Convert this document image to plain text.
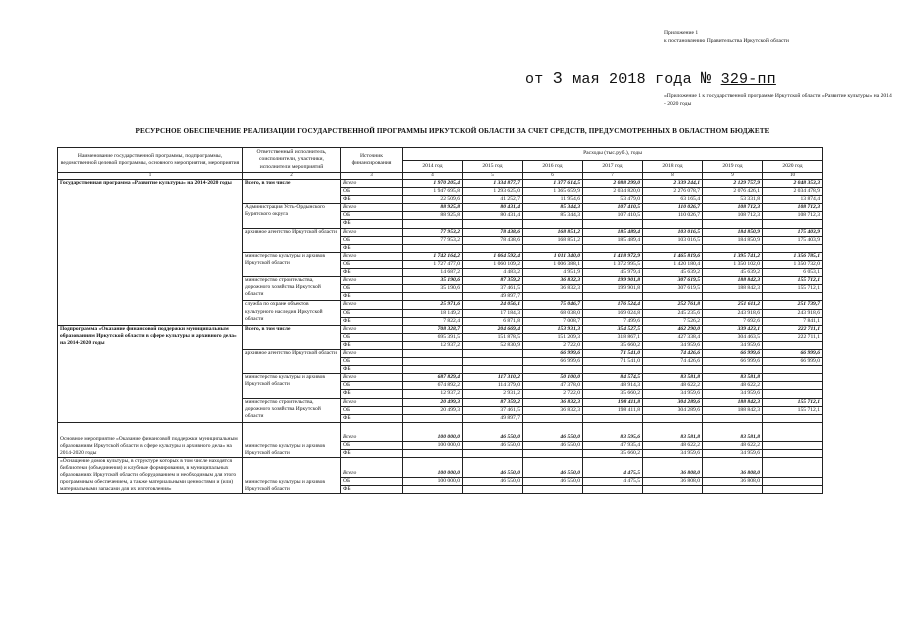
Приложение 1
к постановлению Правительства Иркутской области
от 3 мая 2018 года № 329-пп
«Приложение 1 к государственной программе Иркутской области «Развитие культуры» на 2014 - 2020 годы
РЕСУРСНОЕ ОБЕСПЕЧЕНИЕ РЕАЛИЗАЦИИ ГОСУДАРСТВЕННОЙ ПРОГРАММЫ ИРКУТСКОЙ ОБЛАСТИ ЗА СЧЕТ СРЕДСТВ, ПРЕДУСМОТРЕННЫХ В ОБЛАСТНОМ БЮДЖЕТЕ
Наименование государственной программы, подпрограммы, ведомственной целевой программы, основного мероприятия, мероприятия	Ответственный исполнитель, соисполнители, участники, исполнители мероприятий	Источник финансирования	Расходы (тыс.руб.), годы						
			2014 год	2015 год	2016 год	2017 год	2018 год	2019 год	2020 год
1	2	3	4	5	6	7	8	9	10
Государственная программа «Развитие культуры» на 2014-2020 годы	Всего, в том числе	Всего	1 970 205,4	1 334 877,7	1 377 614,5	2 088 299,0	2 339 244,1	2 129 757,9	2 048 353,3
		ОБ	1 947 695,8	1 293 625,0	1 365 659,9	2 034 820,0	2 276 078,7	2 076 426,1	2 034 478,9
		ФБ	22 509,6	41 252,7	11 954,6	53 479,0	63 165,4	53 331,8	13 874,4
	Администрация Усть-Ордынского Бурятского округа	Всего	88 925,8	80 431,4	85 344,3	107 410,5	110 026,7	108 712,3	108 712,3
		ОБ	88 925,8	80 431,4	85 344,3	107 410,5	110 026,7	108 712,3	108 712,3
		ФБ							
	архивное агентство Иркутской области	Всего	77 953,2	78 438,6	168 851,2	185 489,4	103 016,5	184 850,9	175 403,9
		ОБ	77 953,2	78 438,6	168 851,2	185 489,4	103 016,5	184 850,9	175 403,9
		ФБ							
	министерство культуры и архивов Иркутской области	Всего	1 742 164,2	1 064 592,4	1 011 340,0	1 418 972,9	1 465 819,6	1 395 741,2	1 356 785,1
		ОБ	1 727 477,0	1 060 109,2	1 006 388,1	1 372 995,5	1 420 180,4	1 350 102,0	1 350 732,0
		ФБ	14 687,2	4 483,2	4 951,9	45 979,4	45 639,2	45 639,2	6 053,1
	министерство строительства, дорожного хозяйства Иркутской области	Всего	35 190,6	87 359,2	36 832,3	199 901,8	307 619,5	188 842,3	155 712,1
		ОБ	35 190,6	37 461,5	36 832,3	199 901,8	307 619,5	188 842,3	155 712,1
		ФБ		49 897,7					
	служба по охране объектов культурного наследия Иркутской области	Всего	25 971,6	24 056,1	75 046,7	176 524,4	252 761,8	251 611,2	251 739,7
		ОБ	18 149,2	17 184,3	68 038,0	169 024,8	245 235,6	243 918,6	243 918,6
		ФБ	7 822,4	6 871,8	7 008,7	7 499,6	7 526,2	7 692,6	7 841,1
Подпрограмма «Оказание финансовой поддержки муниципальным образованиям Иркутской области в сфере культуры и архивного дела» на 2014-2020 годы	Всего, в том числе	Всего	708 328,7	204 669,4	153 931,3	354 527,5	462 290,0	339 423,1	222 711,1
		ОБ	695 391,5	151 878,5	151 209,3	318 867,1	427 338,4	304 463,5	222 711,1
		ФБ	12 937,2	52 830,9	2 722,0	35 660,2	34 959,6	34 959,6	
	архивное агентство Иркутской области	Всего			66 999,6	71 541,0	74 426,6	66 999,6	66 999,6
		ОБ			66 999,6	71 541,0	74 426,6	66 999,6	66 999,0
		ФБ							
	министерство культуры и архивов Иркутской области	Всего	687 829,4	117 310,2	50 100,0	84 574,5	83 581,8	83 581,8	
		ОБ	674 892,2	114 379,0	47 378,0	48 914,3	48 622,2	48 622,2	
		ФБ	12 937,2	2 931,2	2 722,0	35 660,2	34 959,6	34 959,6	
	министерство строительства, дорожного хозяйства Иркутской области	Всего	20 499,3	87 359,2	36 832,3	198 411,8	304 289,6	188 842,3	155 712,1
		ОБ	20 499,3	37 461,5	36 832,3	198 411,8	304 289,6	188 842,3	155 712,1
		ФБ		49 897,7					
Основное мероприятие «Оказание финансовой поддержки муниципальным образованиям Иркутской области в сфере культуры и архивного дела» на 2014-2020 годы	министерство культуры и архивов Иркутской области	Всего	100 000,0	46 550,0	46 550,0	83 595,6	83 581,8	83 581,8	
		ОБ	100 000,0	46 550,0	46 550,0	47 935,4	48 622,2	48 622,2	
		ФБ				35 660,2	34 959,6	34 959,6	
«Оснащение домов культуры, в структуре которых в том числе находятся библиотеки (объединения) и клубные формирования, в муниципальных образованиях Иркутской области оборудованием и необходимым для этого программным обеспечением, а также материальными ценностями и (или) материальными запасами для их изготовления»	министерство культуры и архивов Иркутской области	Всего	100 000,0	46 550,0	46 550,0	4 475,5	36 808,0	36 808,0	
		ОБ	100 000,0	46 550,0	46 550,0	4 475,5	36 808,0	36 808,0	
		ФБ							
